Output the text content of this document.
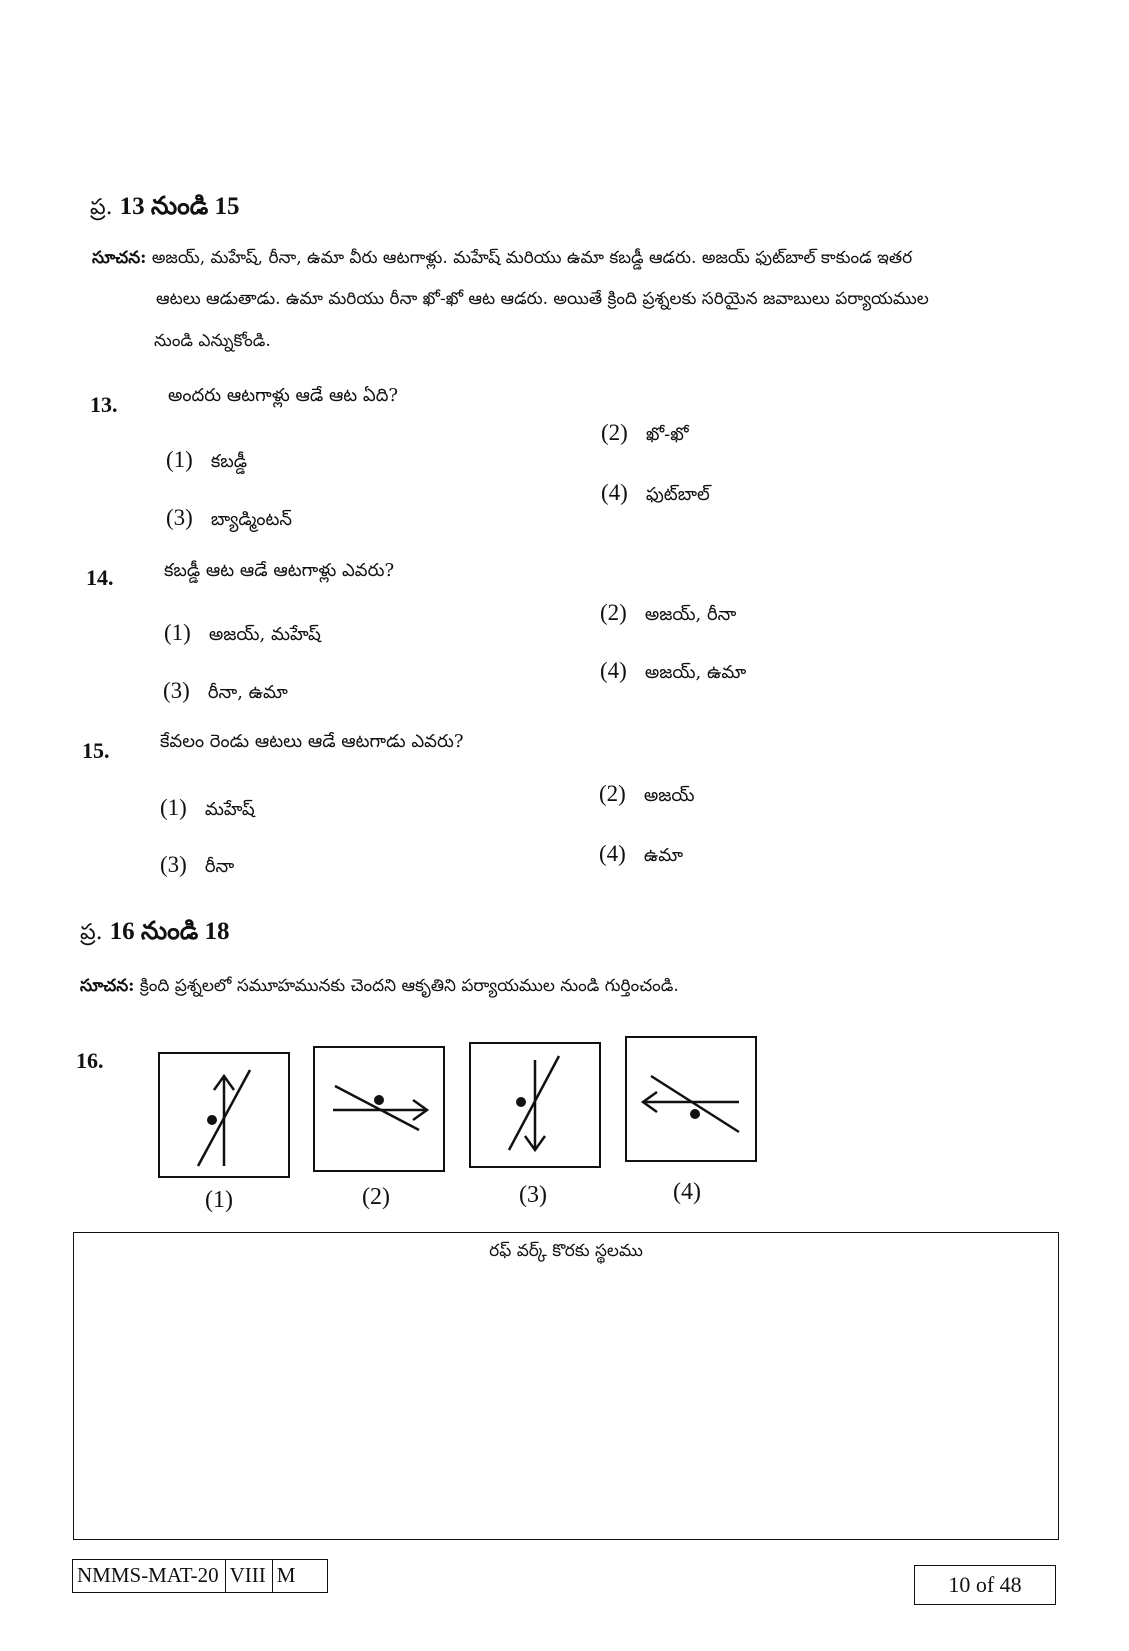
ప్ర. 13 నుండి 15
సూచన: అజయ్, మహేష్, రీనా, ఉమా వీరు ఆటగాళ్లు. మహేష్ మరియు ఉమా కబడ్డీ ఆడరు. అజయ్ ఫుట్‌బాల్ కాకుండ ఇతర
ఆటలు ఆడుతాడు. ఉమా మరియు రీనా ఖో-ఖో ఆట ఆడరు. అయితే క్రింది ప్రశ్నలకు సరియైన జవాబులు పర్యాయముల
నుండి ఎన్నుకోండి.
13.	అందరు ఆటగాళ్లు ఆడే ఆట ఏది?
(1) కబడ్డీ
(2) ఖో-ఖో
(3) బ్యాడ్మింటన్
(4) ఫుట్‌బాల్
14.	కబడ్డీ ఆట ఆడే ఆటగాళ్లు ఎవరు?
(1) అజయ్, మహేష్
(2) అజయ్, రీనా
(3) రీనా, ఉమా
(4) అజయ్, ఉమా
15.	కేవలం రెండు ఆటలు ఆడే ఆటగాడు ఎవరు?
(1) మహేష్
(2) అజయ్
(3) రీనా
(4) ఉమా
ప్ర. 16 నుండి 18
సూచన: క్రింది ప్రశ్నలలో సమూహమునకు చెందని ఆకృతిని పర్యాయముల నుండి గుర్తించండి.
16.
(1)	(2)	(3)	(4)
రఫ్ వర్క్ కొరకు స్థలము
NMMS-MAT-20 VIII M	10 of 48
